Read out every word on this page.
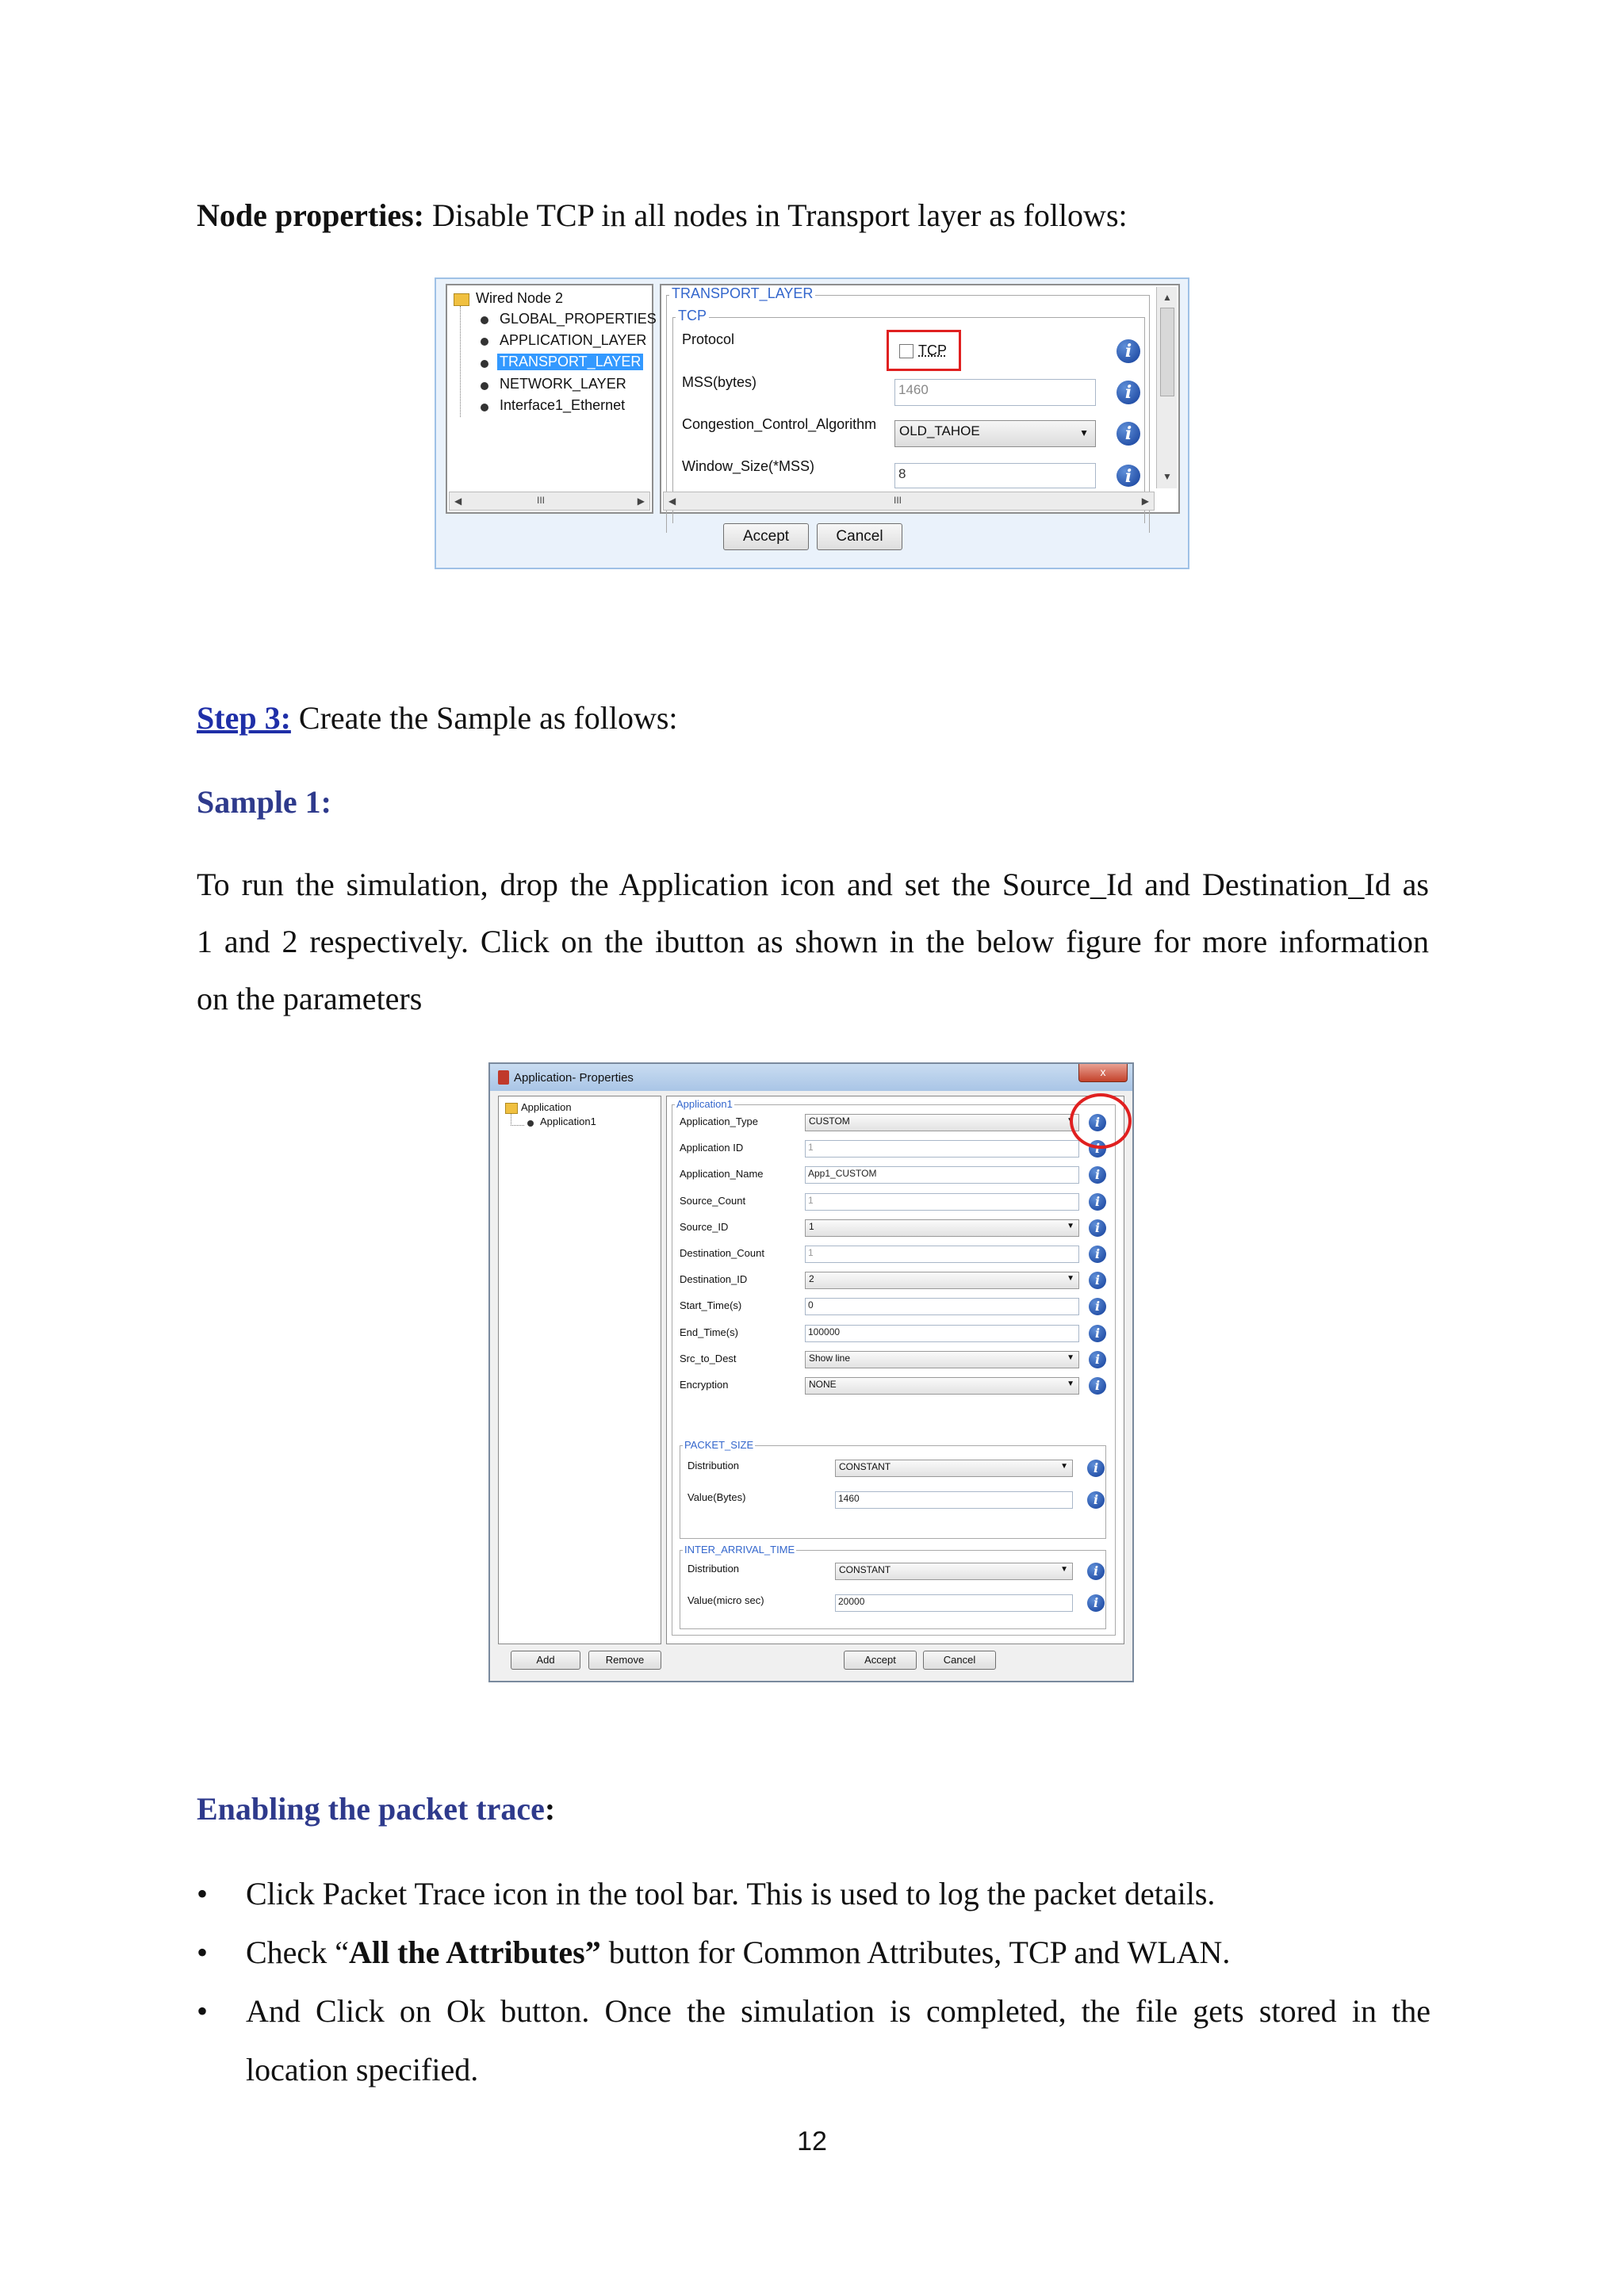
Node properties: Disable TCP in all nodes in Transport layer as follows:
Wired Node 2
GLOBAL_PROPERTIES
APPLICATION_LAYER
TRANSPORT_LAYER
NETWORK_LAYER
Interface1_Ethernet
◀	III	▶
TRANSPORT_LAYER
TCP
Protocol
TCP	i
MSS(bytes)	1460	i
Congestion_Control_Algorithm	OLD_TAHOE	▼	i
Window_Size(*MSS)	8	i
▲
▼
◀	III	▶
Accept	Cancel
Step 3: Create the Sample as follows:
Sample 1:
To run the simulation, drop the Application icon and set the Source_Id and Destination_Id as
1 and 2 respectively. Click on the ibutton as shown in the below figure for more information
on the parameters
Application- Properties	x
Application
Application1
Application1
Application_Type	CUSTOM	▼	i
Application ID	1	i
Application_Name	App1_CUSTOM	i
Source_Count	1	i
Source_ID	1	▼	i
Destination_Count	1	i
Destination_ID	2	▼	i
Start_Time(s)	0	i
End_Time(s)	100000	i
Src_to_Dest	Show line	▼	i
Encryption	NONE	▼	i
PACKET_SIZE
Distribution	CONSTANT	▼	i
Value(Bytes)	1460	i
INTER_ARRIVAL_TIME
Distribution	CONSTANT	▼	i
Value(micro sec)	20000	i
Add	Remove	Accept	Cancel
Enabling the packet trace:
• Click Packet Trace icon in the tool bar. This is used to log the packet details.
• Check “All the Attributes” button for Common Attributes, TCP and WLAN.
• And Click on Ok button. Once the simulation is completed, the file gets stored in the
location specified.
12
